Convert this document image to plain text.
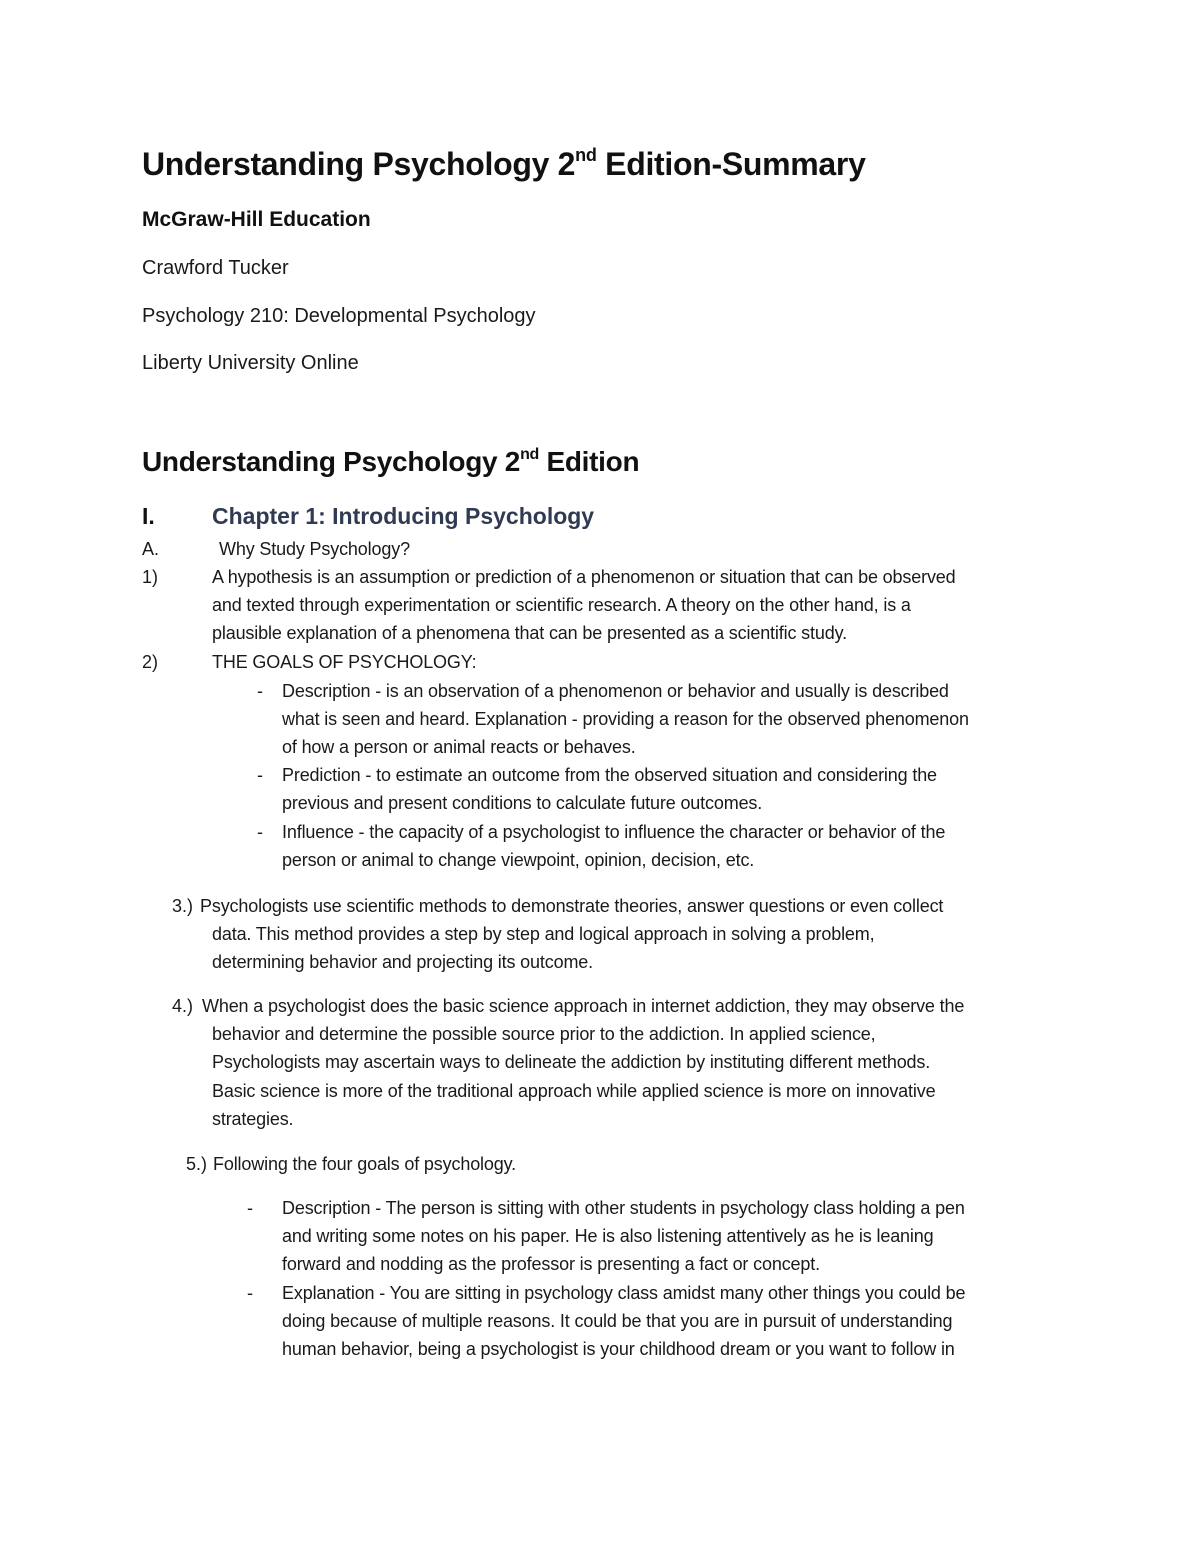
Understanding Psychology 2nd Edition-Summary
McGraw-Hill Education
Crawford Tucker
Psychology 210: Developmental Psychology
Liberty University Online
Understanding Psychology 2nd Edition
I. Chapter 1: Introducing Psychology
A.	Why Study Psychology?
1)	A hypothesis is an assumption or prediction of a phenomenon or situation that can be observed
and texted through experimentation or scientific research. A theory on the other hand, is a
plausible explanation of a phenomena that can be presented as a scientific study.
2)	THE GOALS OF PSYCHOLOGY:
- Description - is an observation of a phenomenon or behavior and usually is described
what is seen and heard. Explanation - providing a reason for the observed phenomenon
of how a person or animal reacts or behaves.
- Prediction - to estimate an outcome from the observed situation and considering the
previous and present conditions to calculate future outcomes.
- Influence - the capacity of a psychologist to influence the character or behavior of the
person or animal to change viewpoint, opinion, decision, etc.
3.) Psychologists use scientific methods to demonstrate theories, answer questions or even collect
data. This method provides a step by step and logical approach in solving a problem,
determining behavior and projecting its outcome.
4.) When a psychologist does the basic science approach in internet addiction, they may observe the
behavior and determine the possible source prior to the addiction. In applied science,
Psychologists may ascertain ways to delineate the addiction by instituting different methods.
Basic science is more of the traditional approach while applied science is more on innovative
strategies.
5.) Following the four goals of psychology.
- Description - The person is sitting with other students in psychology class holding a pen
and writing some notes on his paper. He is also listening attentively as he is leaning
forward and nodding as the professor is presenting a fact or concept.
- Explanation - You are sitting in psychology class amidst many other things you could be
doing because of multiple reasons. It could be that you are in pursuit of understanding
human behavior, being a psychologist is your childhood dream or you want to follow in
